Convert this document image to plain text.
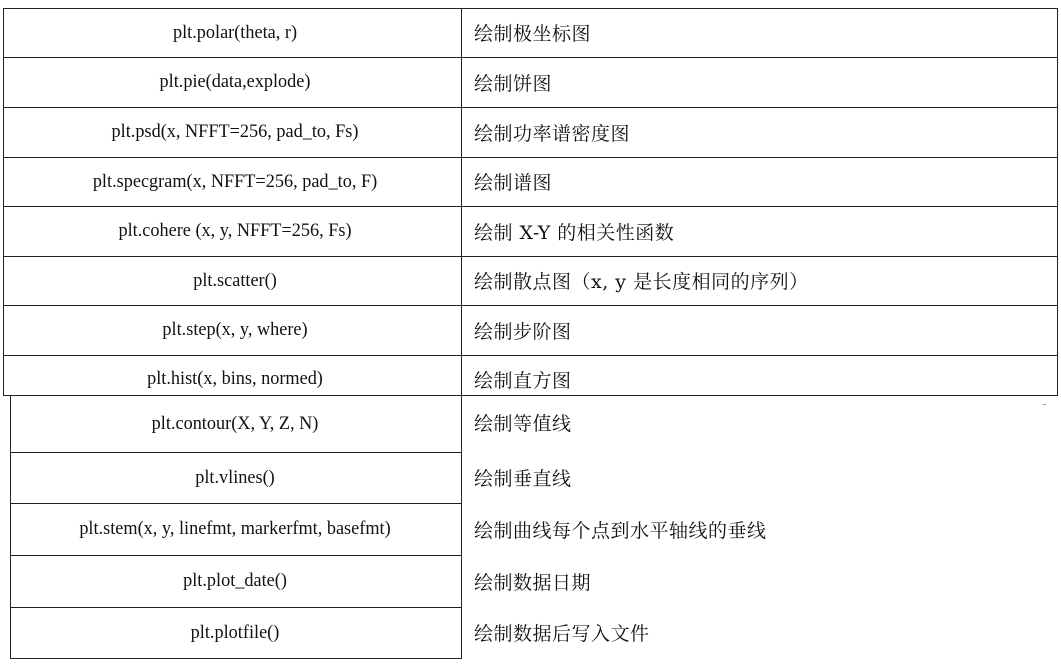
plt.polar(theta, r)	绘制极坐标图
plt.pie(data,explode)	绘制饼图
plt.psd(x, NFFT=256, pad_to, Fs)	绘制功率谱密度图
plt.specgram(x, NFFT=256, pad_to, F)	绘制谱图
plt.cohere (x, y, NFFT=256, Fs)	绘制 X-Y 的相关性函数
plt.scatter()	绘制散点图（x, y 是长度相同的序列）
plt.step(x, y, where)	绘制步阶图
plt.hist(x, bins, normed)	绘制直方图
plt.contour(X, Y, Z, N)	绘制等值线
plt.vlines()	绘制垂直线
plt.stem(x, y, linefmt, markerfmt, basefmt)	绘制曲线每个点到水平轴线的垂线
plt.plot_date()	绘制数据日期
plt.plotfile()	绘制数据后写入文件
